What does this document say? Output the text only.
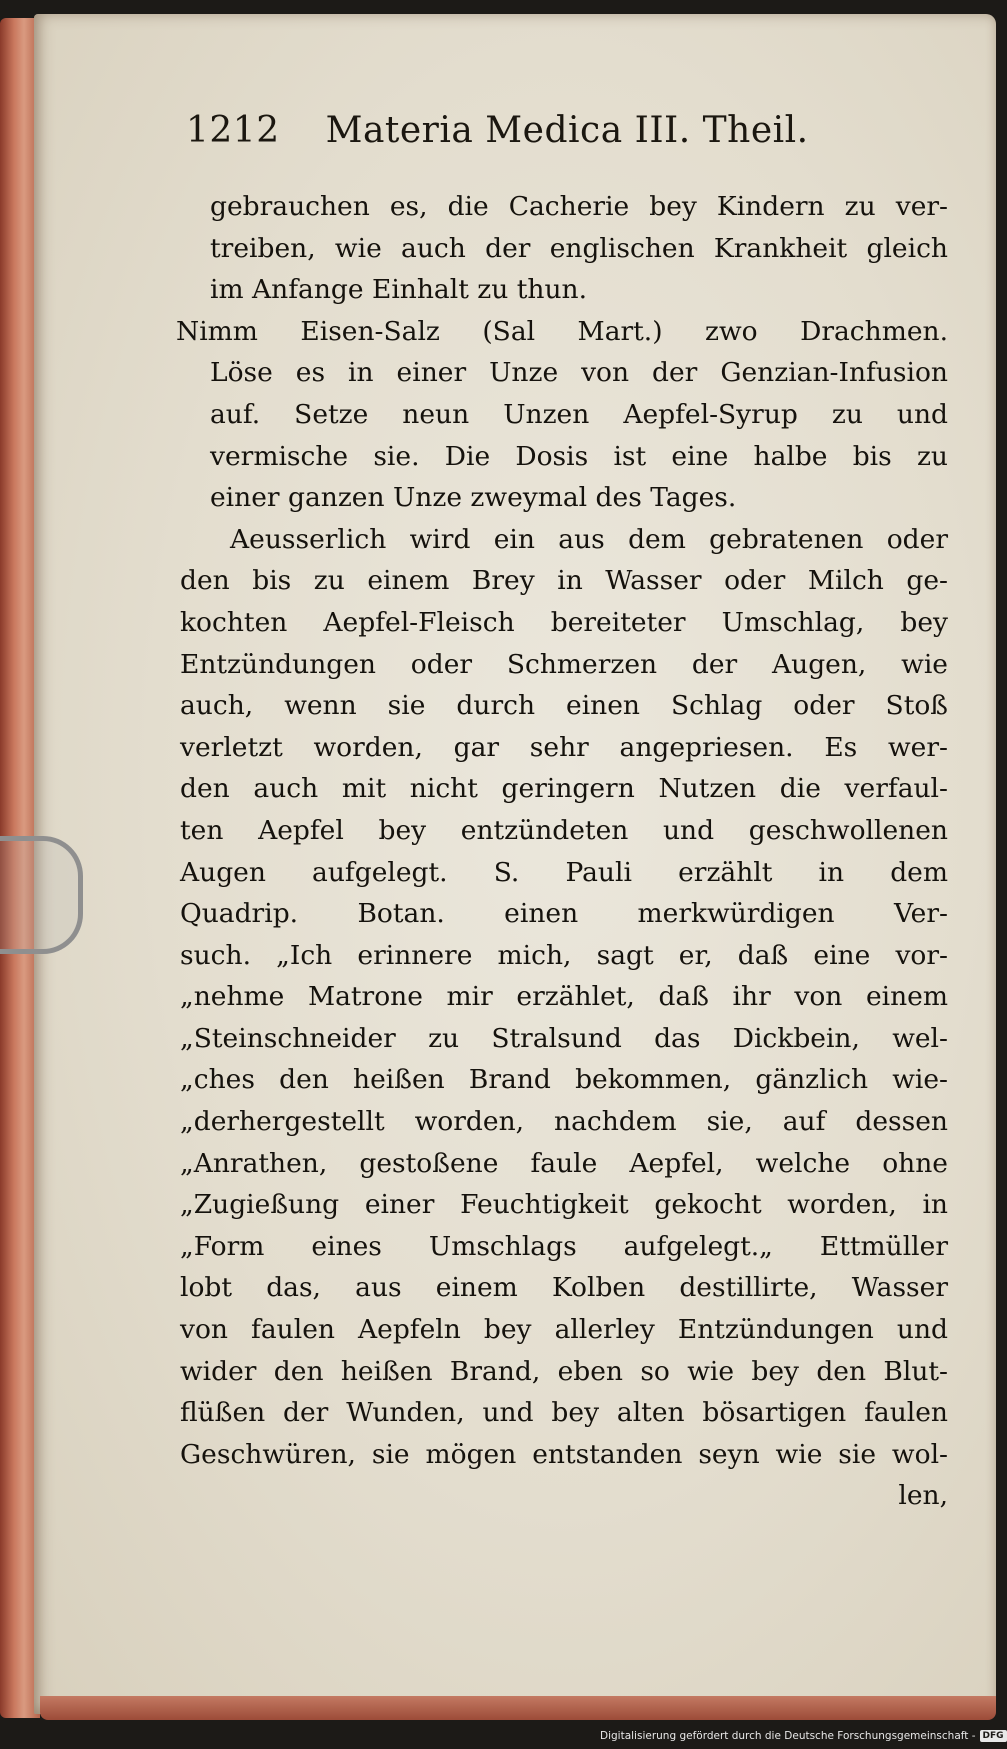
1212 Materia Medica III. Theil.
gebrauchen es, die Cacherie bey Kindern zu ver-
treiben, wie auch der englischen Krankheit gleich
im Anfange Einhalt zu thun.
Nimm Eisen-Salz (Sal Mart.) zwo Drachmen.
Löse es in einer Unze von der Genzian-Infusion
auf. Setze neun Unzen Aepfel-Syrup zu und
vermische sie. Die Dosis ist eine halbe bis zu
einer ganzen Unze zweymal des Tages.
Aeusserlich wird ein aus dem gebratenen oder
den bis zu einem Brey in Wasser oder Milch ge-
kochten Aepfel-Fleisch bereiteter Umschlag, bey
Entzündungen oder Schmerzen der Augen, wie
auch, wenn sie durch einen Schlag oder Stoß
verletzt worden, gar sehr angepriesen. Es wer-
den auch mit nicht geringern Nutzen die verfaul-
ten Aepfel bey entzündeten und geschwollenen
Augen aufgelegt. S. Pauli erzählt in dem
Quadrip. Botan. einen merkwürdigen Ver-
such. „Ich erinnere mich, sagt er, daß eine vor-
„nehme Matrone mir erzählet, daß ihr von einem
„Steinschneider zu Stralsund das Dickbein, wel-
„ches den heißen Brand bekommen, gänzlich wie-
„derhergestellt worden, nachdem sie, auf dessen
„Anrathen, gestoßene faule Aepfel, welche ohne
„Zugießung einer Feuchtigkeit gekocht worden, in
„Form eines Umschlags aufgelegt.„ Ettmüller
lobt das, aus einem Kolben destillirte, Wasser
von faulen Aepfeln bey allerley Entzündungen und
wider den heißen Brand, eben so wie bey den Blut-
flüßen der Wunden, und bey alten bösartigen faulen
Geschwüren, sie mögen entstanden seyn wie sie wol-
len,
Digitalisierung gefördert durch die Deutsche Forschungsgemeinschaft - DFG
